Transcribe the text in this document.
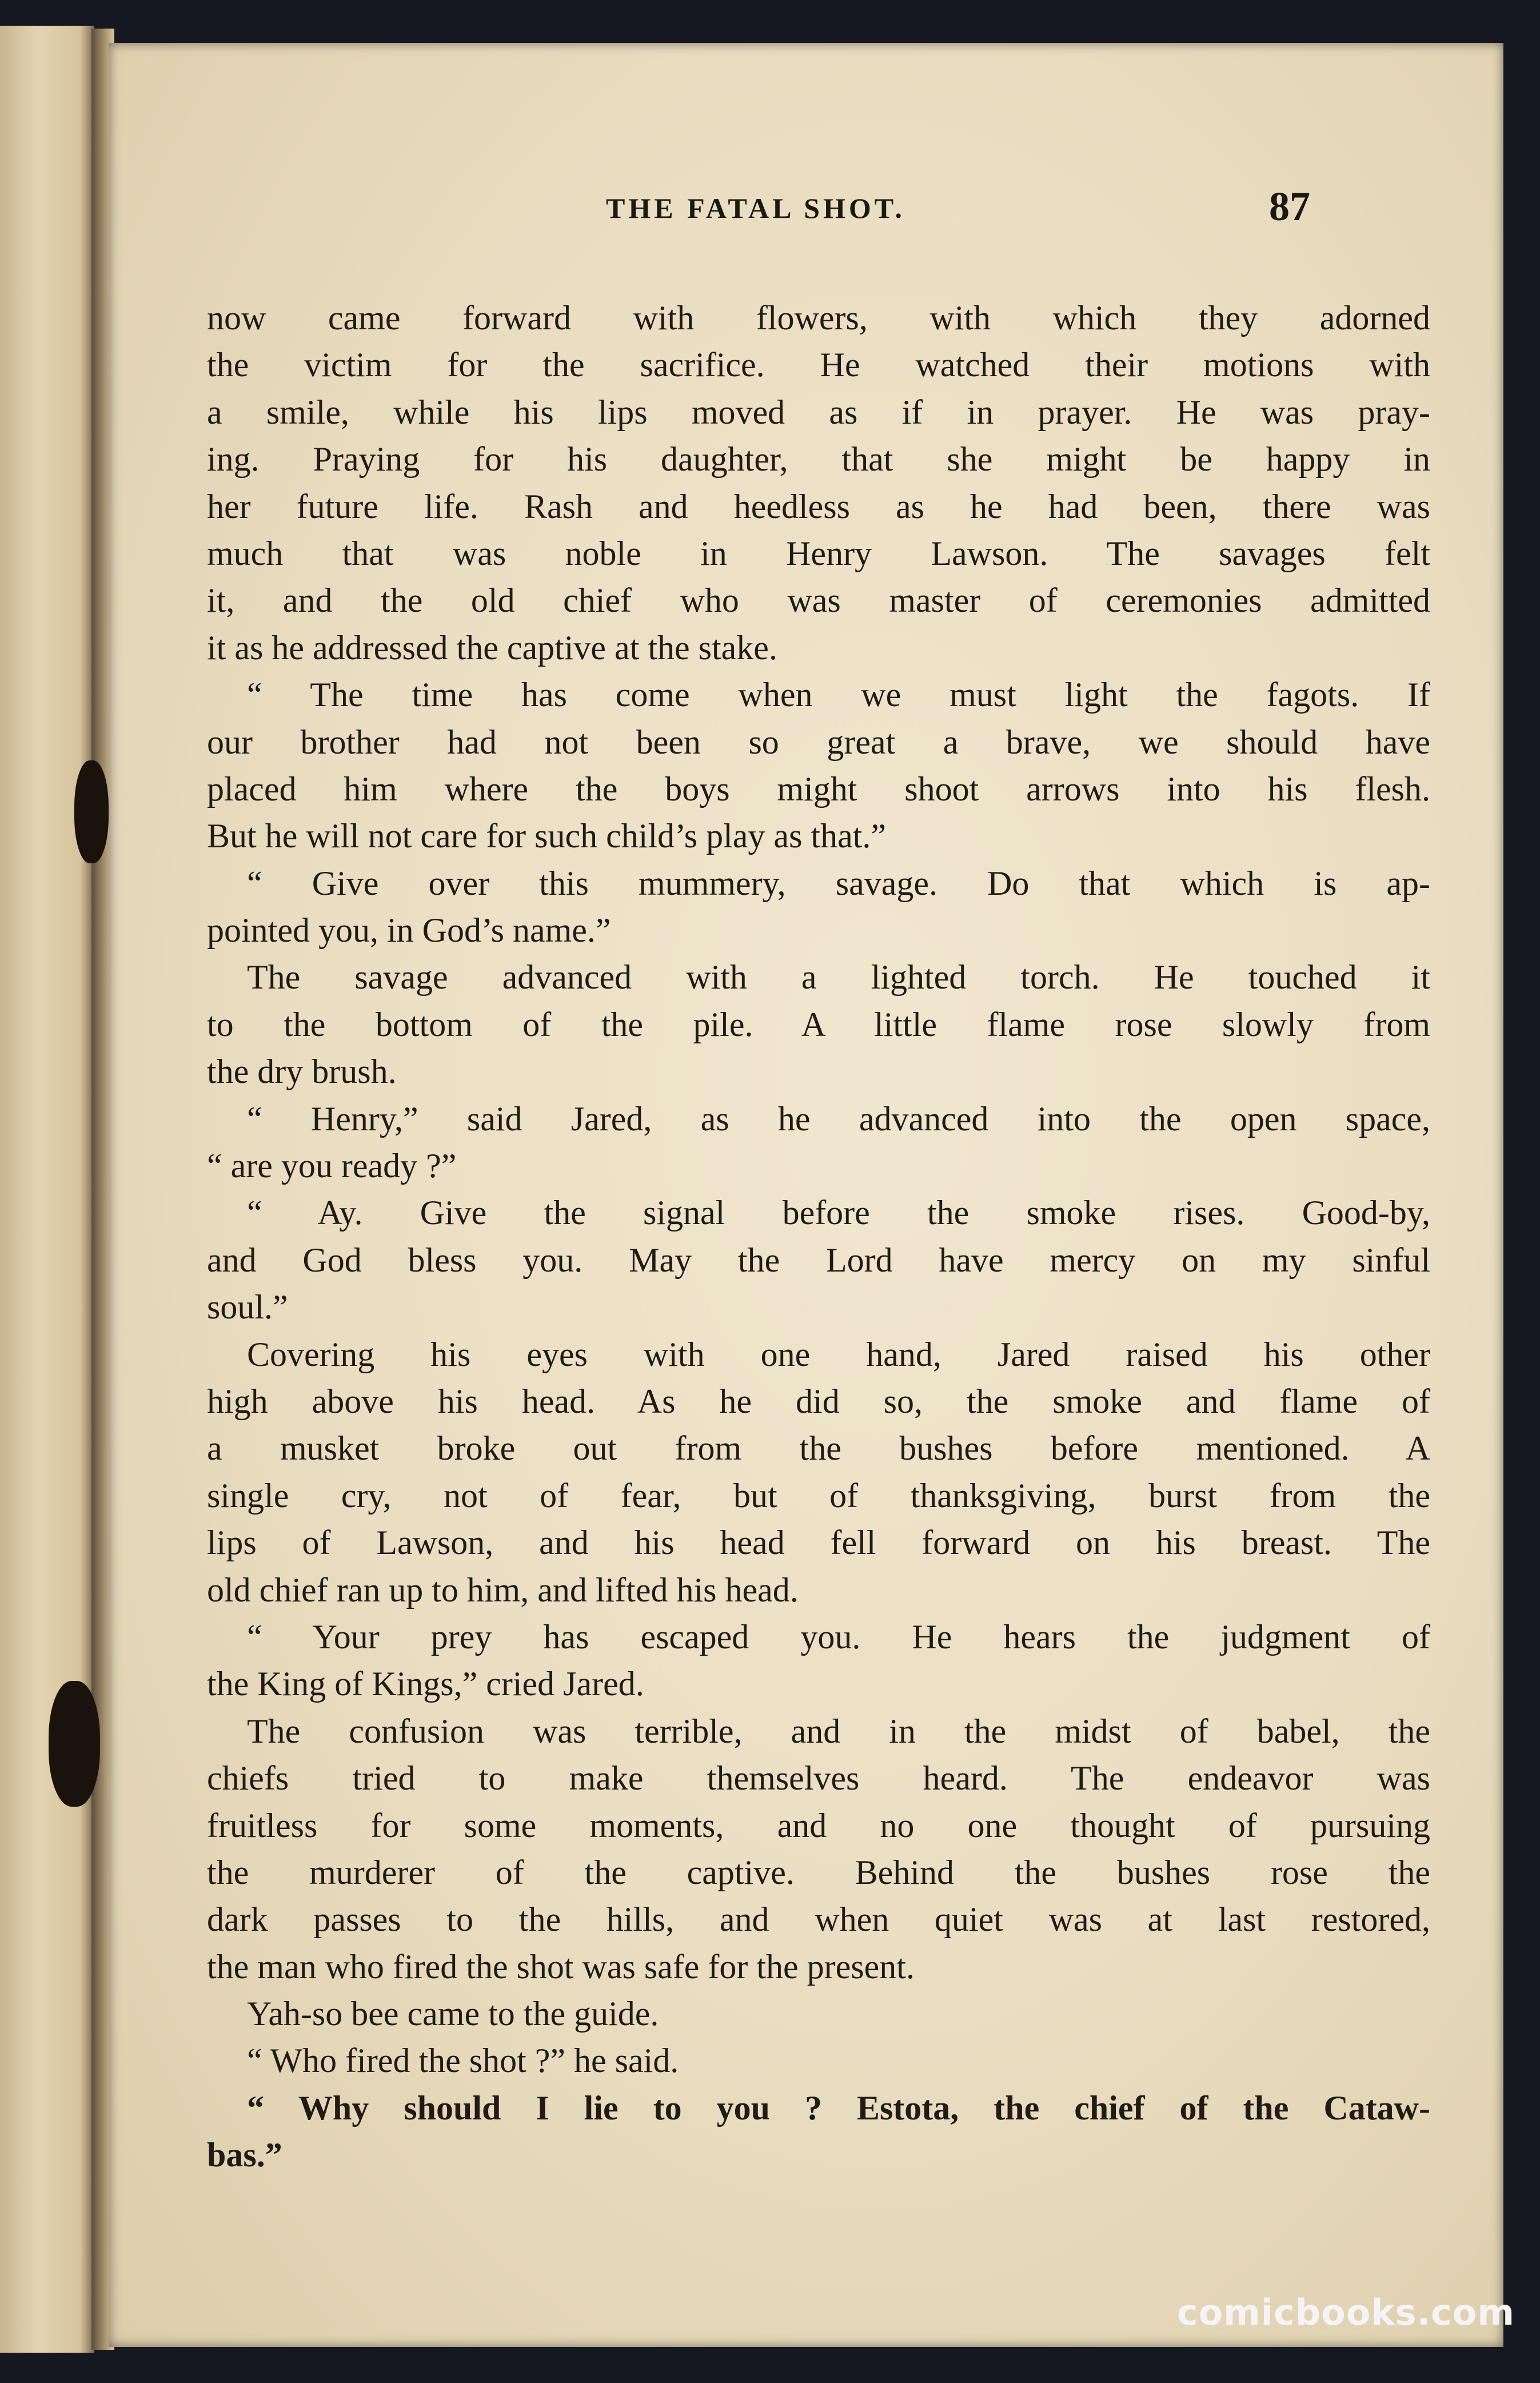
THE FATAL SHOT.	87
now came forward with flowers, with which they adorned
the victim for the sacrifice. He watched their motions with
a smile, while his lips moved as if in prayer. He was pray-
ing. Praying for his daughter, that she might be happy in
her future life. Rash and heedless as he had been, there was
much that was noble in Henry Lawson. The savages felt
it, and the old chief who was master of ceremonies admitted
it as he addressed the captive at the stake.
“ The time has come when we must light the fagots. If
our brother had not been so great a brave, we should have
placed him where the boys might shoot arrows into his flesh.
But he will not care for such child’s play as that.”
“ Give over this mummery, savage. Do that which is ap-
pointed you, in God’s name.”
The savage advanced with a lighted torch. He touched it
to the bottom of the pile. A little flame rose slowly from
the dry brush.
“ Henry,” said Jared, as he advanced into the open space,
“ are you ready ?”
“ Ay. Give the signal before the smoke rises. Good-by,
and God bless you. May the Lord have mercy on my sinful
soul.”
Covering his eyes with one hand, Jared raised his other
high above his head. As he did so, the smoke and flame of
a musket broke out from the bushes before mentioned. A
single cry, not of fear, but of thanksgiving, burst from the
lips of Lawson, and his head fell forward on his breast. The
old chief ran up to him, and lifted his head.
“ Your prey has escaped you. He hears the judgment of
the King of Kings,” cried Jared.
The confusion was terrible, and in the midst of babel, the
chiefs tried to make themselves heard. The endeavor was
fruitless for some moments, and no one thought of pursuing
the murderer of the captive. Behind the bushes rose the
dark passes to the hills, and when quiet was at last restored,
the man who fired the shot was safe for the present.
Yah-so bee came to the guide.
“ Who fired the shot ?” he said.
“ Why should I lie to you ? Estota, the chief of the Cataw-
bas.”
comicbooks.com
